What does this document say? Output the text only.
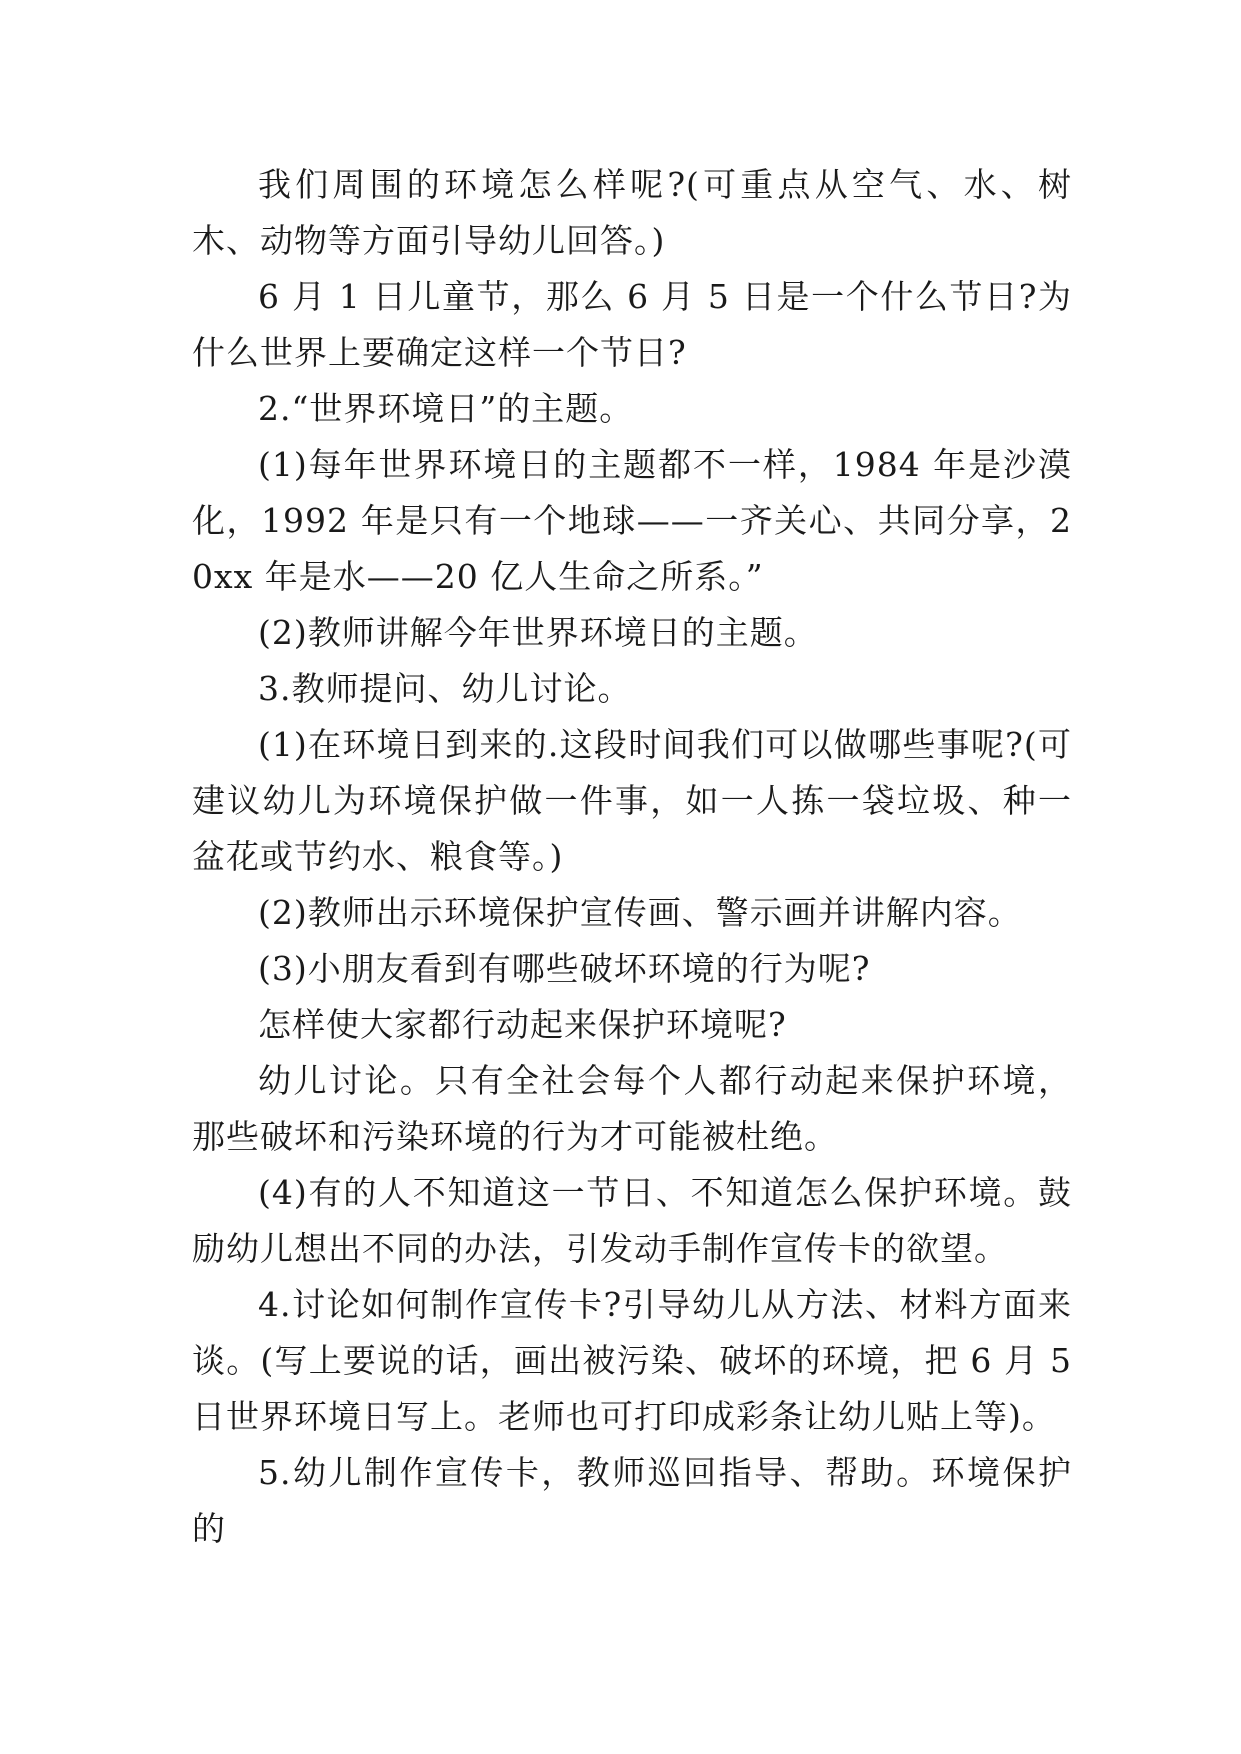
我们周围的环境怎么样呢?(可重点从空气、水、树木、动物等方面引导幼儿回答。)

6 月 1 日儿童节，那么 6 月 5 日是一个什么节日?为什么世界上要确定这样一个节日?

2.“世界环境日”的主题。

(1)每年世界环境日的主题都不一样，1984 年是沙漠化，1992 年是只有一个地球——一齐关心、共同分享，20xx 年是水——20 亿人生命之所系。”

(2)教师讲解今年世界环境日的主题。

3.教师提问、幼儿讨论。

(1)在环境日到来的.这段时间我们可以做哪些事呢?(可建议幼儿为环境保护做一件事，如一人拣一袋垃圾、种一盆花或节约水、粮食等。)

(2)教师出示环境保护宣传画、警示画并讲解内容。

(3)小朋友看到有哪些破坏环境的行为呢?

怎样使大家都行动起来保护环境呢?

幼儿讨论。只有全社会每个人都行动起来保护环境，那些破坏和污染环境的行为才可能被杜绝。

(4)有的人不知道这一节日、不知道怎么保护环境。鼓励幼儿想出不同的办法，引发动手制作宣传卡的欲望。

4.讨论如何制作宣传卡?引导幼儿从方法、材料方面来谈。(写上要说的话，画出被污染、破坏的环境，把 6 月 5 日世界环境日写上。老师也可打印成彩条让幼儿贴上等)。

5.幼儿制作宣传卡，教师巡回指导、帮助。环境保护的
